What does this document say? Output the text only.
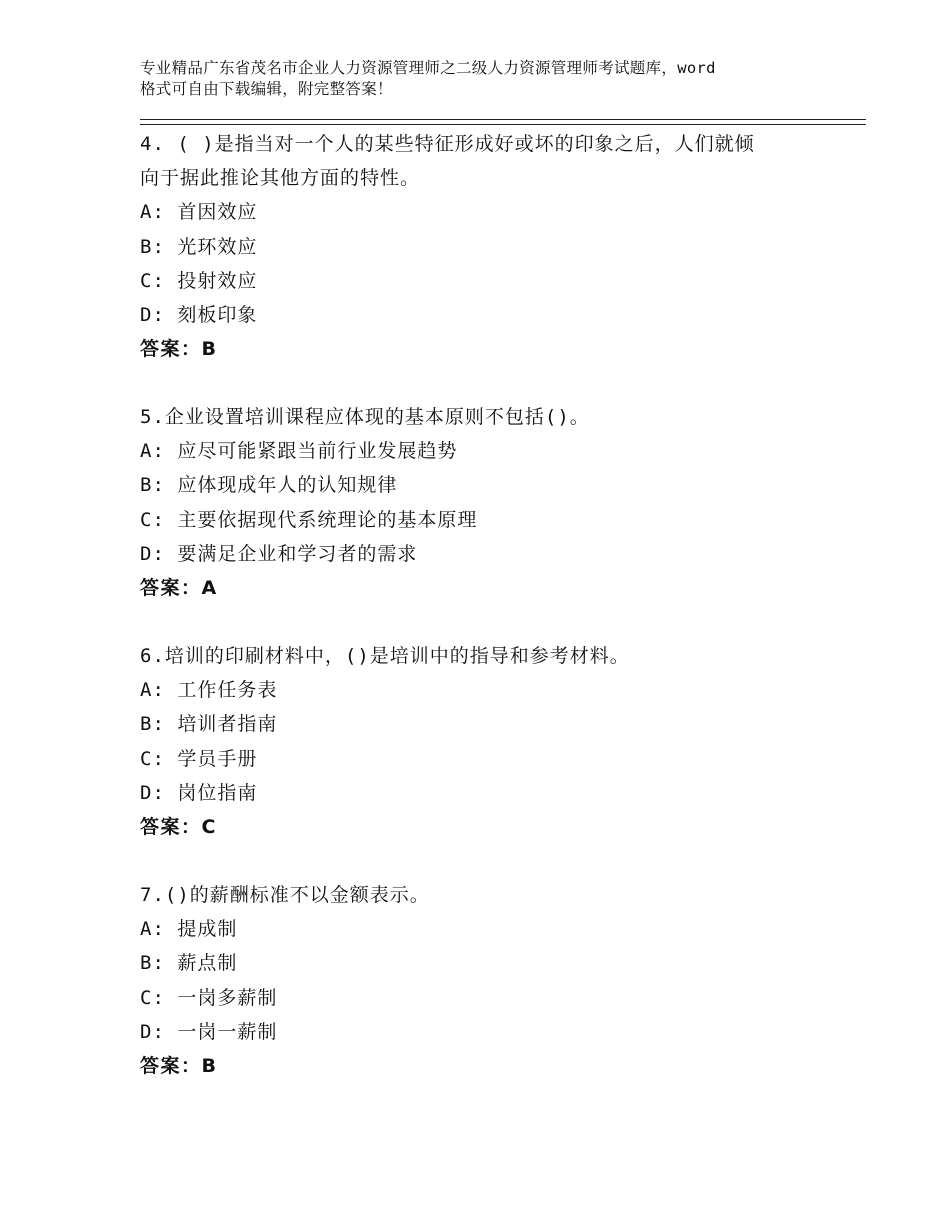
专业精品广东省茂名市企业人力资源管理师之二级人力资源管理师考试题库，word
格式可自由下载编辑，附完整答案！
4. ( )是指当对一个人的某些特征形成好或坏的印象之后，人们就倾
向于据此推论其他方面的特性。
A: 首因效应
B: 光环效应
C: 投射效应
D: 刻板印象
答案：B
5.企业设置培训课程应体现的基本原则不包括()。
A: 应尽可能紧跟当前行业发展趋势
B: 应体现成年人的认知规律
C: 主要依据现代系统理论的基本原理
D: 要满足企业和学习者的需求
答案：A
6.培训的印刷材料中，()是培训中的指导和参考材料。
A: 工作任务表
B: 培训者指南
C: 学员手册
D: 岗位指南
答案：C
7.()的薪酬标准不以金额表示。
A: 提成制
B: 薪点制
C: 一岗多薪制
D: 一岗一薪制
答案：B
